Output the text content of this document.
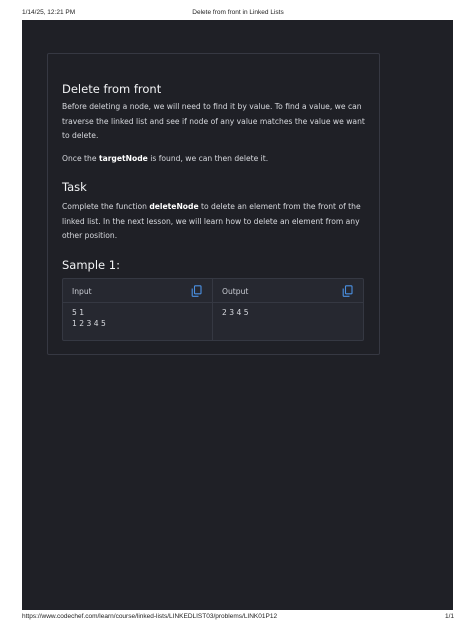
1/14/25, 12:21 PM	Delete from front in Linked Lists
Delete from front

Before deleting a node, we will need to find it by value. To find a value, we can traverse the linked list and see if node of any value matches the value we want to delete.

Once the targetNode is found, we can then delete it.

Task

Complete the function deleteNode to delete an element from the front of the linked list. In the next lesson, we will learn how to delete an element from any other position.

Sample 1:
Input
5 1
1 2 3 4 5
Output
2 3 4 5
https://www.codechef.com/learn/course/linked-lists/LINKEDLIST03/problems/LINK01P12	1/1
